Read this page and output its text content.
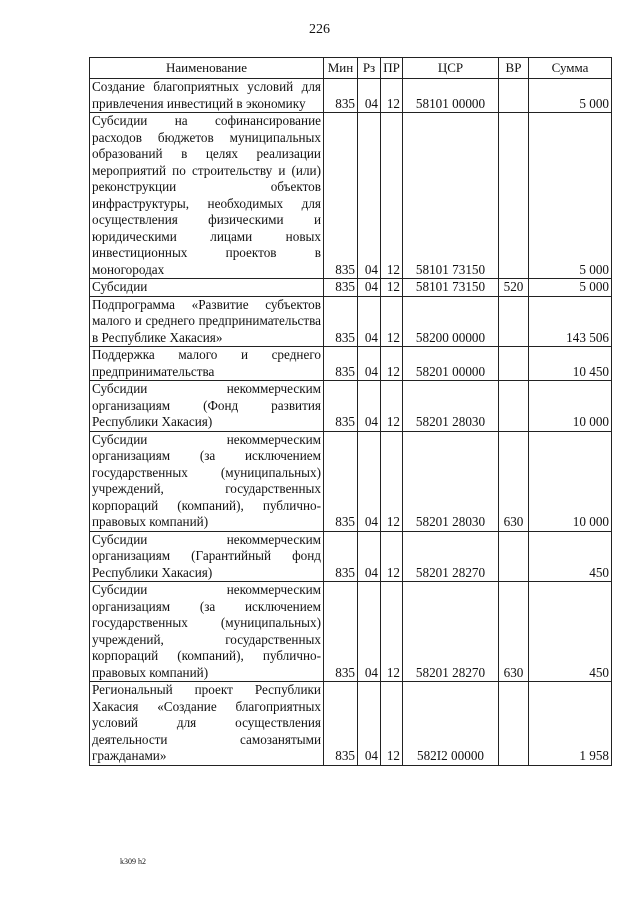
226
Наименование	Мин	Рз	ПР	ЦСР	ВР	Сумма
Создание благоприятных условий для привлечения инвестиций в экономику	835	04	12	58101 00000		5 000
Субсидии на софинансирование расходов бюджетов муниципальных образований в целях реализации мероприятий по строительству и (или) реконструкции объектов инфраструктуры, необходимых для осуществления физическими и юридическими лицами новых инвестиционных проектов в моногородах	835	04	12	58101 73150		5 000
Субсидии	835	04	12	58101 73150	520	5 000
Подпрограмма «Развитие субъектов малого и среднего предпринимательства в Республике Хакасия»	835	04	12	58200 00000		143 506
Поддержка малого и среднего предпринимательства	835	04	12	58201 00000		10 450
Субсидии некоммерческим организациям (Фонд развития Республики Хакасия)	835	04	12	58201 28030		10 000
Субсидии некоммерческим организациям (за исключением государственных (муниципальных) учреждений, государственных корпораций (компаний), публично-правовых компаний)	835	04	12	58201 28030	630	10 000
Субсидии некоммерческим организациям (Гарантийный фонд Республики Хакасия)	835	04	12	58201 28270		450
Субсидии некоммерческим организациям (за исключением государственных (муниципальных) учреждений, государственных корпораций (компаний), публично-правовых компаний)	835	04	12	58201 28270	630	450
Региональный проект Республики Хакасия «Создание благоприятных условий для осуществления деятельности самозанятыми гражданами»	835	04	12	582I2 00000		1 958
k309 h2
